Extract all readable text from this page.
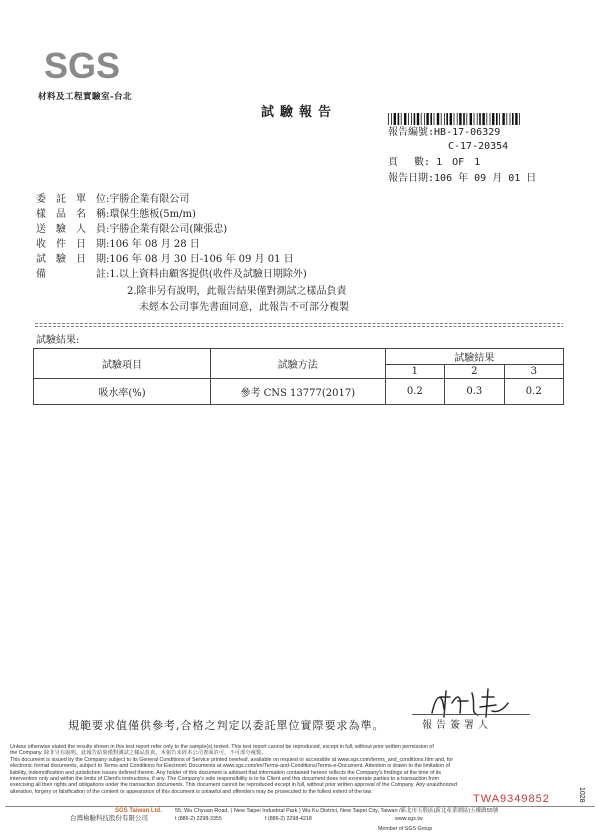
SGS
材料及工程實驗室-台北
試驗報告
報告編號:HB-17-06329
C-17-20354
頁　 數: 1　OF　1
報告日期:106 年 09 月 01 日
委　託　單　位:宇勝企業有限公司
樣　品　名　稱:環保生態板(5m/m)
送　驗　人　員:宇勝企業有限公司(陳張忠)
收　件　日　期:106 年 08 月 28 日
試　驗　日　期:106 年 08 月 30 日-106 年 09 月 01 日
備　　　　　註:1.以上資料由顧客提供(收件及試驗日期除外)
2.除非另有說明，此報告結果僅對測試之樣品負責
未經本公司事先書面同意，此報告不可部分複製
試驗結果:
試驗項目	試驗方法	試驗結果		
		1	2	3
吸水率(%)	參考 CNS 13777(2017)	0.2	0.3	0.2
規範要求值僅供參考,合格之判定以委託單位實際要求為準。	報告簽署人
Unless otherwise stated the results shown in this test report refer only to the sample(s) tested. This test report cannot be reproduced, except in full, without prior written permission of
the Company. 除非另有說明，此報告結果僅對測試之樣品負責。本報告未經本公司書面許可，不可部分複製。
This document is issued by the Company subject to its General Conditions of Service printed overleaf, available on request or accessible at www.sgs.com/terms_and_conditions.htm and, for
electronic format documents, subject to Terms and Conditions for Electronic Documents at www.sgs.com/en/Terms-and-Conditions/Terms-e-Document. Attention is drawn to the limitation of
liability, indemnification and jurisdiction issues defined therein. Any holder of this document is advised that information contained hereon reflects the Company's findings at the time of its
intervention only and within the limits of Client's instructions, if any. The Company's sole responsibility is to its Client and this document does not exonerate parties to a transaction from
exercising all their rights and obligations under the transaction documents. This document cannot be reproduced except in full, without prior written approval of the Company. Any unauthorized
alteration, forgery or falsification of the content or appearance of this document is unlawful and offenders may be prosecuted to the fullest extent of the law.
TWA9349852	1028
SGS Taiwan Ltd.
台灣檢驗科技股份有限公司
55, Wu Chyuan Road, ( New Taipei Industrial Park ) Wu Ku District, New Taipei City, Taiwan /新北市五股區(新北產業園區)五權路55號
t (886-2) 2298-3355	f (886-2) 2298-4218	www.sgs.tw
Member of SGS Group
